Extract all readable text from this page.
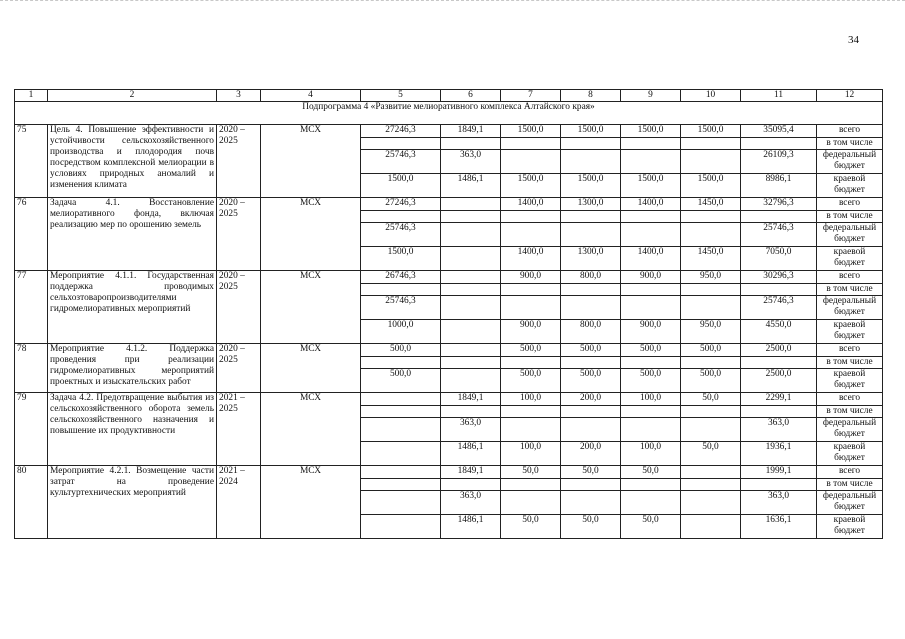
34
1	2	3	4	5	6	7	8	9	10	11	12
Подпрограмма 4 «Развитие мелиоративного комплекса Алтайского края»											
75	Цель 4. Повышение эффективности и устойчивости сельскохозяйственного производства и плодородия почв посредством комплексной мелиорации в условиях природных аномалий и изменения климата	2020 – 2025	МСХ	27246,3	1849,1	1500,0	1500,0	1500,0	1500,0	35095,4	всего
											в том числе
				25746,3	363,0					26109,3	федеральный бюджет
				1500,0	1486,1	1500,0	1500,0	1500,0	1500,0	8986,1	краевой бюджет
76	Задача 4.1. Восстановление мелиоративного фонда, включая реализацию мер по орошению земель	2020 – 2025	МСХ	27246,3		1400,0	1300,0	1400,0	1450,0	32796,3	всего
											в том числе
				25746,3						25746,3	федеральный бюджет
				1500,0		1400,0	1300,0	1400,0	1450,0	7050,0	краевой бюджет
77	Мероприятие 4.1.1. Государственная поддержка проводимых сельхозтоваропроизводителями гидромелиоративных мероприятий	2020 – 2025	МСХ	26746,3		900,0	800,0	900,0	950,0	30296,3	всего
											в том числе
				25746,3						25746,3	федеральный бюджет
				1000,0		900,0	800,0	900,0	950,0	4550,0	краевой бюджет
78	Мероприятие 4.1.2. Поддержка проведения при реализации гидромелиоративных мероприятий проектных и изыскательских работ	2020 – 2025	МСХ	500,0		500,0	500,0	500,0	500,0	2500,0	всего
											в том числе
				500,0		500,0	500,0	500,0	500,0	2500,0	краевой бюджет
79	Задача 4.2. Предотвращение выбытия из сельскохозяйственного оборота земель сельскохозяйственного назначения и повышение их продуктивности	2021 – 2025	МСХ		1849,1	100,0	200,0	100,0	50,0	2299,1	всего
											в том числе
					363,0					363,0	федеральный бюджет
					1486,1	100,0	200,0	100,0	50,0	1936,1	краевой бюджет
80	Мероприятие 4.2.1. Возмещение части затрат на проведение культуртехнических мероприятий	2021 – 2024	МСХ		1849,1	50,0	50,0	50,0		1999,1	всего
											в том числе
					363,0					363,0	федеральный бюджет
					1486,1	50,0	50,0	50,0		1636,1	краевой бюджет
